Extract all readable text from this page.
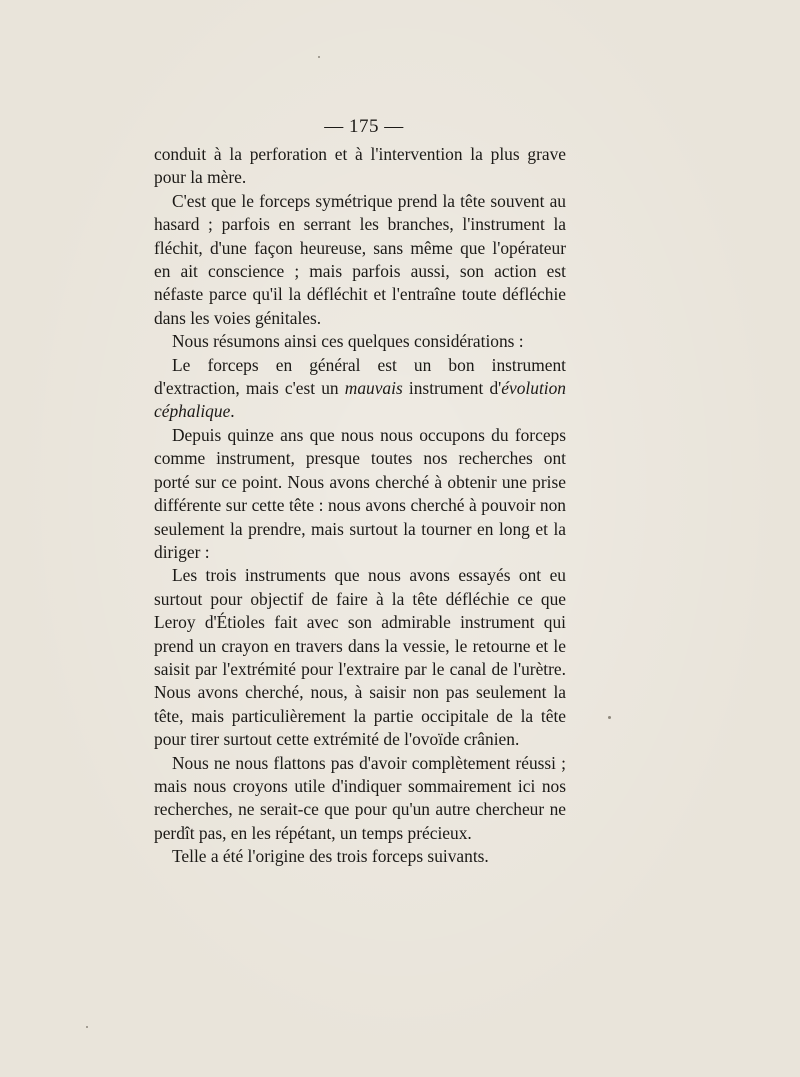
— 175 —

conduit à la perforation et à l'intervention la plus grave pour la mère.

C'est que le forceps symétrique prend la tête souvent au hasard ; parfois en serrant les branches, l'instrument la fléchit, d'une façon heureuse, sans même que l'opérateur en ait conscience ; mais parfois aussi, son action est néfaste parce qu'il la défléchit et l'entraîne toute défléchie dans les voies génitales.

Nous résumons ainsi ces quelques considérations :

Le forceps en général est un bon instrument d'extraction, mais c'est un mauvais instrument d'évolution céphalique.

Depuis quinze ans que nous nous occupons du forceps comme instrument, presque toutes nos recherches ont porté sur ce point. Nous avons cherché à obtenir une prise différente sur cette tête : nous avons cherché à pouvoir non seulement la prendre, mais surtout la tourner en long et la diriger :

Les trois instruments que nous avons essayés ont eu surtout pour objectif de faire à la tête défléchie ce que Leroy d'Étioles fait avec son admirable instrument qui prend un crayon en travers dans la vessie, le retourne et le saisit par l'extrémité pour l'extraire par le canal de l'urètre. Nous avons cherché, nous, à saisir non pas seulement la tête, mais particulièrement la partie occipitale de la tête pour tirer surtout cette extrémité de l'ovoïde crânien.

Nous ne nous flattons pas d'avoir complètement réussi ; mais nous croyons utile d'indiquer sommairement ici nos recherches, ne serait-ce que pour qu'un autre chercheur ne perdît pas, en les répétant, un temps précieux.

Telle a été l'origine des trois forceps suivants.
